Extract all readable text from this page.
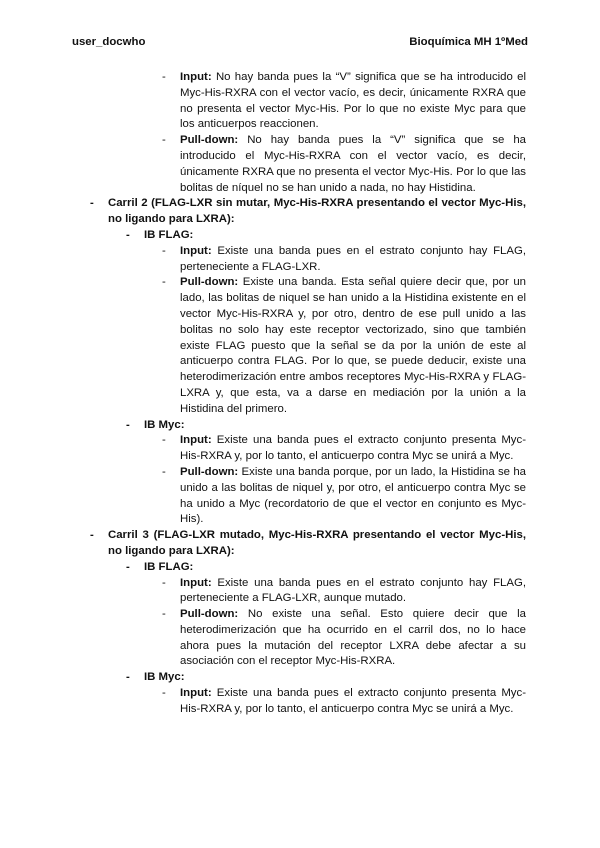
user_docwho	Bioquímica MH 1ºMed
- Input: No hay banda pues la “V” significa que se ha introducido el Myc-His-RXRA con el vector vacío, es decir, únicamente RXRA que no presenta el vector Myc-His. Por lo que no existe Myc para que los anticuerpos reaccionen.
- Pull-down: No hay banda pues la “V” significa que se ha introducido el Myc-His-RXRA con el vector vacío, es decir, únicamente RXRA que no presenta el vector Myc-His. Por lo que las bolitas de níquel no se han unido a nada, no hay Histidina.
- Carril 2 (FLAG-LXR sin mutar, Myc-His-RXRA presentando el vector Myc-His, no ligando para LXRA):
- IB FLAG:
- Input: Existe una banda pues en el estrato conjunto hay FLAG, perteneciente a FLAG-LXR.
- Pull-down: Existe una banda. Esta señal quiere decir que, por un lado, las bolitas de niquel se han unido a la Histidina existente en el vector Myc-His-RXRA y, por otro, dentro de ese pull unido a las bolitas no solo hay este receptor vectorizado, sino que también existe FLAG puesto que la señal se da por la unión de este al anticuerpo contra FLAG. Por lo que, se puede deducir, existe una heterodimerización entre ambos receptores Myc-His-RXRA y FLAG-LXRA y, que esta, va a darse en mediación por la unión a la Histidina del primero.
- IB Myc:
- Input: Existe una banda pues el extracto conjunto presenta Myc-His-RXRA y, por lo tanto, el anticuerpo contra Myc se unirá a Myc.
- Pull-down: Existe una banda porque, por un lado, la Histidina se ha unido a las bolitas de niquel y, por otro, el anticuerpo contra Myc se ha unido a Myc (recordatorio de que el vector en conjunto es Myc-His).
- Carril 3 (FLAG-LXR mutado, Myc-His-RXRA presentando el vector Myc-His, no ligando para LXRA):
- IB FLAG:
- Input: Existe una banda pues en el estrato conjunto hay FLAG, perteneciente a FLAG-LXR, aunque mutado.
- Pull-down: No existe una señal. Esto quiere decir que la heterodimerización que ha ocurrido en el carril dos, no lo hace ahora pues la mutación del receptor LXRA debe afectar a su asociación con el receptor Myc-His-RXRA.
- IB Myc:
- Input: Existe una banda pues el extracto conjunto presenta Myc-His-RXRA y, por lo tanto, el anticuerpo contra Myc se unirá a Myc.
